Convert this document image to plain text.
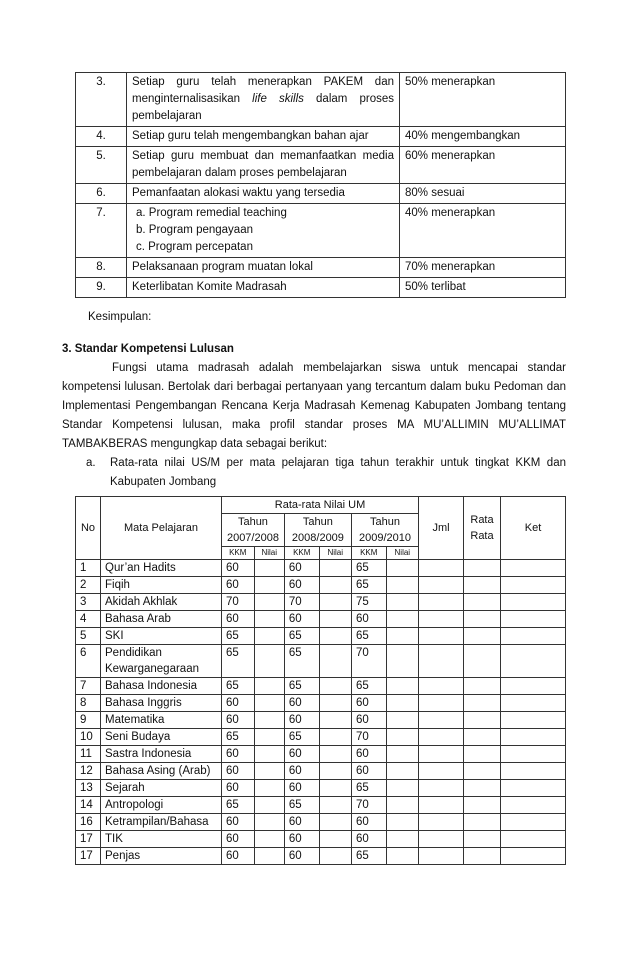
3.	Setiap guru telah menerapkan PAKEM dan menginternalisasikan life skills dalam proses pembelajaran	50% menerapkan
4.	Setiap guru telah mengembangkan bahan ajar	40% mengembangkan
5.	Setiap guru membuat dan memanfaatkan media pembelajaran dalam proses pembelajaran	60% menerapkan
6.	Pemanfaatan alokasi waktu yang tersedia	80% sesuai
7.	a. Program remedial teaching
b. Program pengayaan
c. Program percepatan	40% menerapkan
8.	Pelaksanaan program muatan lokal	70% menerapkan
9.	Keterlibatan Komite Madrasah	50% terlibat
Kesimpulan:
3. Standar Kompetensi Lulusan
Fungsi utama madrasah adalah membelajarkan siswa untuk mencapai standar kompetensi lulusan. Bertolak dari berbagai pertanyaan yang tercantum dalam buku Pedoman dan Implementasi Pengembangan Rencana Kerja Madrasah Kemenag Kabupaten Jombang tentang Standar Kompetensi lulusan, maka profil standar proses MA MU’ALLIMIN MU’ALLIMAT TAMBAKBERAS mengungkap data sebagai berikut:
a.	Rata-rata nilai US/M per mata pelajaran tiga tahun terakhir untuk tingkat KKM dan Kabupaten Jombang
No	Mata Pelajaran	Rata-rata Nilai UM						Jml	Rata Rata	Ket
		Tahun 2007/2008		Tahun 2008/2009		Tahun 2009/2010				
		KKM	Nilai	KKM	Nilai	KKM	Nilai			
1	Qur’an Hadits	60		60		65				
2	Fiqih	60		60		65				
3	Akidah Akhlak	70		70		75				
4	Bahasa Arab	60		60		60				
5	SKI	65		65		65				
6	Pendidikan Kewarganegaraan	65		65		70				
7	Bahasa Indonesia	65		65		65				
8	Bahasa Inggris	60		60		60				
9	Matematika	60		60		60				
10	Seni Budaya	65		65		70				
11	Sastra Indonesia	60		60		60				
12	Bahasa Asing (Arab)	60		60		60				
13	Sejarah	60		60		65				
14	Antropologi	65		65		70				
16	Ketrampilan/Bahasa	60		60		60				
17	TIK	60		60		60				
17	Penjas	60		60		65				
